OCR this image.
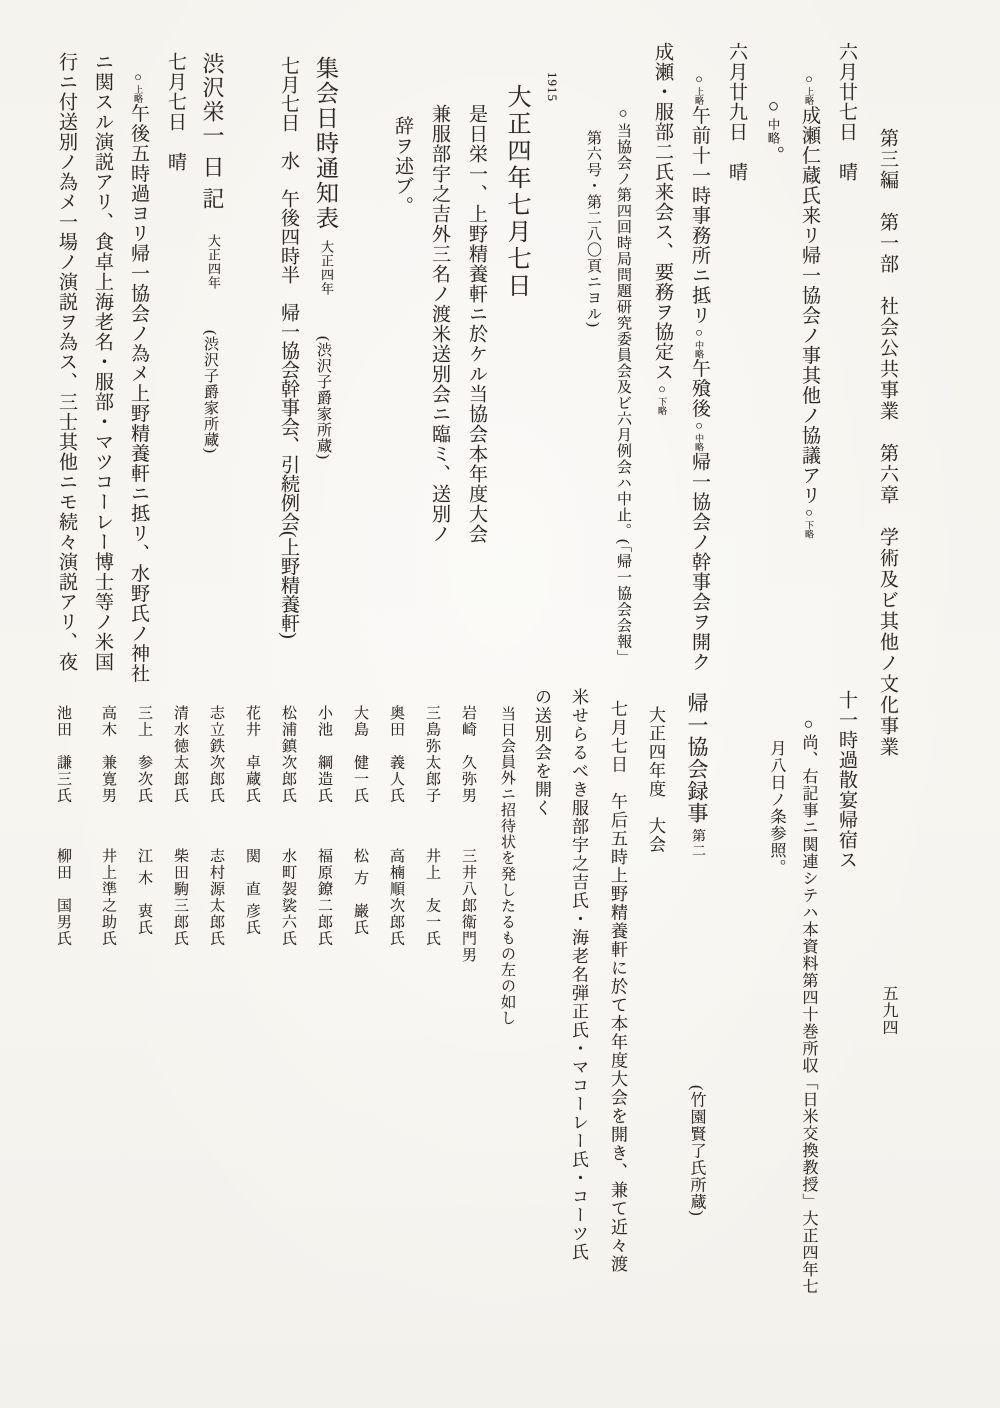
第三編　第一部　社会公共事業　第六章　学術及ビ其他ノ文化事業
五九四
六月廿七日　晴
○上略成瀬仁蔵氏来リ帰一協会ノ事其他ノ協議アリ○下略
○中略。
六月廿九日　晴
○上略午前十一時事務所ニ抵リ○中略午飱後○中略帰一協会ノ幹事会ヲ開ク
成瀬・服部二氏来会ス、要務ヲ協定ス○下略
○当協会ノ第四回時局問題研究委員会及ビ六月例会ハ中止。(「帰一協会会報」
第六号・第二八〇頁ニヨル)
1915
大正四年七月七日
是日栄一、上野精養軒ニ於ケル当協会本年度大会
兼服部宇之吉外三名ノ渡米送別会ニ臨ミ、送別ノ
辞ヲ述ブ。
集会日時通知表
大正四年
(渋沢子爵家所蔵)
七月七日　水　午後四時半　帰一協会幹事会、引続例会(上野精養軒)
渋沢栄一 日 記
大正四年
(渋沢子爵家所蔵)
七月七日　晴
○上略午後五時過ヨリ帰一協会ノ為メ上野精養軒ニ抵リ、水野氏ノ神社
ニ関スル演説アリ、食卓上海老名・服部・マツコーレー博士等ノ米国
行ニ付送別ノ為メ一場ノ演説ヲ為ス、三士其他ニモ続々演説アリ、夜
十一時過散宴帰宿ス
○尚、右記事ニ関連シテハ本資料第四十巻所収「日米交換教授」大正四年七
月八日ノ条参照。
帰一協会録事 第二
(竹園賢了氏所蔵)
大正四年度　大会
七月七日　午后五時上野精養軒に於て本年度大会を開き、兼て近々渡
米せらるべき服部宇之吉氏・海老名弾正氏・マコーレー氏・コーツ氏
の送別会を開く
当日会員外ニ招待状を発したるもの左の如し
岩崎　久弥男
三島弥太郎子
奥田　義人氏
大島　健一氏
小池　綱造氏
松浦鎮次郎氏
花井　卓蔵氏
志立鉄次郎氏
清水徳太郎氏
三上　参次氏
高木　兼寛男
池田　謙三氏
三井八郎衛門男
井上　友一氏
高楠順次郎氏
松 方　巌氏
福原鐐二郎氏
水町袈裟六氏
関　直 彦氏
志村源太郎氏
柴田駒三郎氏
江 木　衷氏
井上準之助氏
柳田　国男氏
